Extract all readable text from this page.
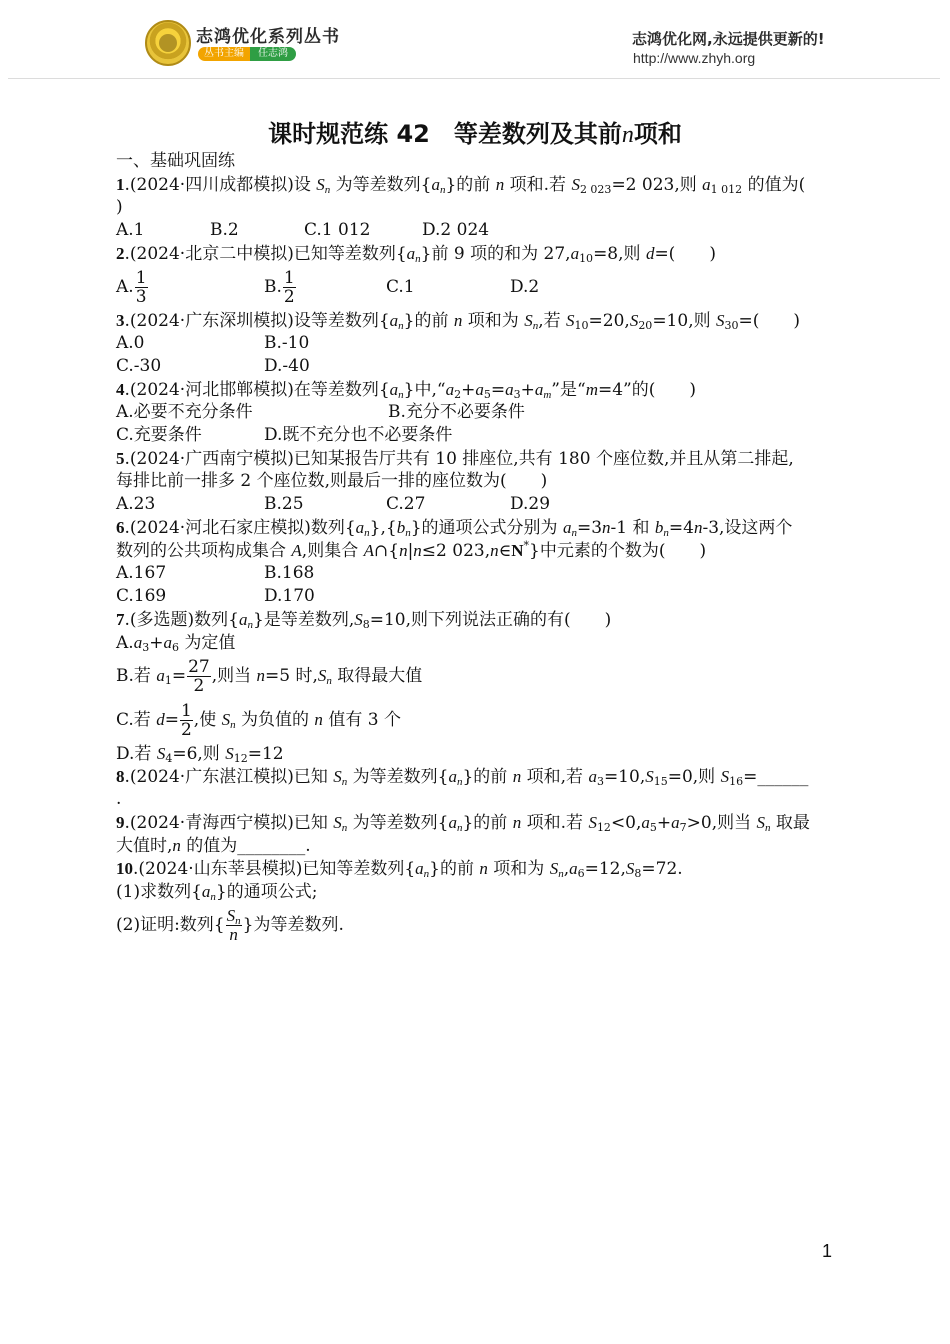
志鸿优化系列丛书
丛书主编 任志鸿
志鸿优化网,永远提供更新的!
http://www.zhyh.org
课时规范练 42　等差数列及其前n项和
一、基础巩固练
1.(2024·四川成都模拟)设 $S_n$ 为等差数列$\{a_n\}$的前 n 项和.若 $S_{2 023}=2$ 023,则 $a_{1 012}$ 的值为(
)
A.1	B.2	C.1 012	D.2 024
2.(2024·北京二中模拟)已知等差数列$\{a_n\}$前 9 项的和为 $27,a_{10}=8$,则 d=(　　)
A. $\frac{1}{3}$	B. $\frac{1}{2}$	C.1	D.2
3.(2024·广东深圳模拟)设等差数列$\{a_n\}$的前 n 项和为 $S_n$,若 $S_{10}=20,S_{20}=10$,则 $S_{30}=$(　　)
A.0	B.-10
C.-30	D.-40
4.(2024·河北邯郸模拟)在等差数列$\{a_n\}$中$,“a_2+a_5=a_3+a_m$”是“m=4”的(　　)
A.必要不充分条件	B.充分不必要条件
C.充要条件	D.既不充分也不必要条件
5.(2024·广西南宁模拟)已知某报告厅共有 10 排座位,共有 180 个座位数,并且从第二排起,
每排比前一排多 2 个座位数,则最后一排的座位数为(　　)
A.23	B.25	C.27	D.29
6.(2024·河北石家庄模拟)数列$\{a_n\},\{b_n\}$的通项公式分别为 $a_n=3n-1$ 和 $b_n=4n-3$,设这两个
数列的公共项构成集合 A,则集合 A∩{n|n≤2 023,n∈N*}中元素的个数为(　　)
A.167	B.168
C.169	D.170
7.(多选题)数列$\{a_n\}$是等差数列$,S_8=10$,则下列说法正确的有(　　)
$A.a_3+a_6$ 为定值
B.若 $a_1= \frac{27}{2}$ ,则当 n=5 时$,S_n$ 取得最大值
C.若 $d= \frac{1}{2}$ ,使 $S_n$ 为负值的 n 值有 3 个
D.若 $S_4=6$,则 $S_{12}=12$
8.(2024·广东湛江模拟)已知 $S_n$ 为等差数列$\{a_n\}$的前 n 项和,若 $a_3=10,S_{15}=0$,则 $S_{16}=\_\_\_\_\_\_$
.
9.(2024·青海西宁模拟)已知 $S_n$ 为等差数列$\{a_n\}$的前 n 项和.若 $S_{12}<0,a_5+a_7>0$,则当 $S_n$ 取最
大值时,n 的值为________.
10.(2024·山东莘县模拟)已知等差数列$\{a_n\}$的前 n 项和为 $S_n,a_6=12,S_8=72$.
(1)求数列$\{a_n\}$的通项公式;
(2)证明:数列{ $\frac{S_n}{n}$ }为等差数列.
1
